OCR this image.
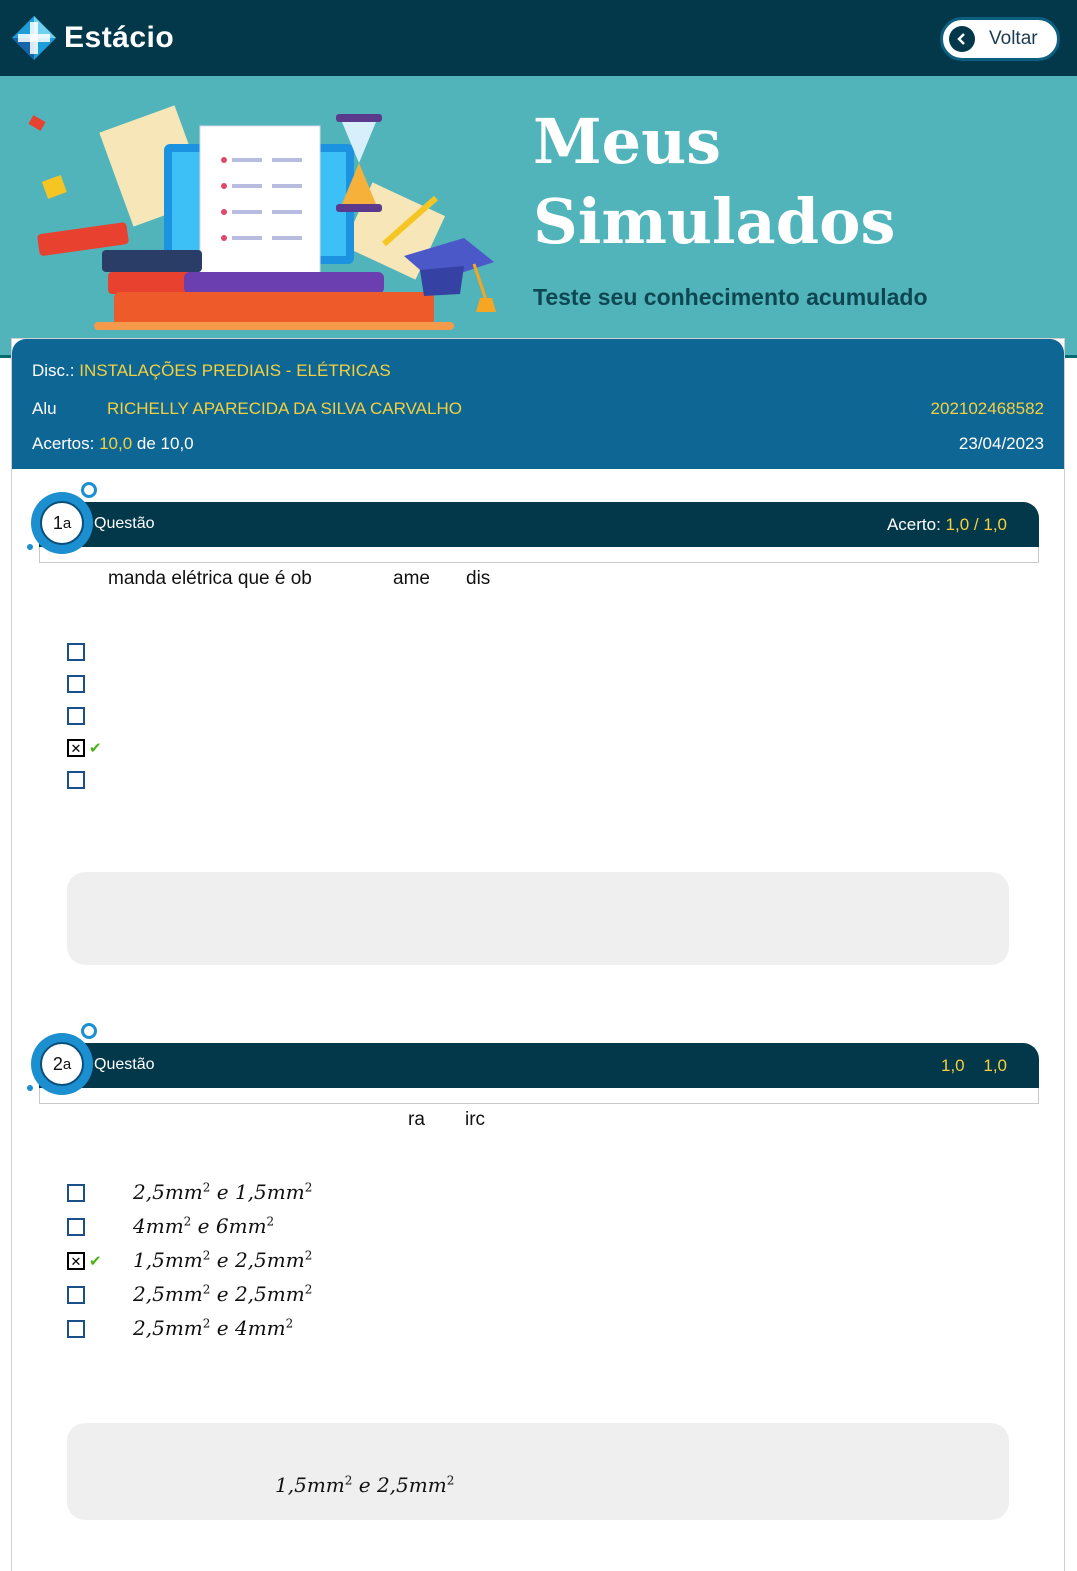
Estácio	Voltar
Meus
Simulados
Teste seu conhecimento acumulado
Disc.: INSTALAÇÕES PREDIAIS - ELÉTRICAS
Alu	RICHELLY APARECIDA DA SILVA CARVALHO	202102468582
Acertos: 10,0 de 10,0	23/04/2023
Questão	Acerto: 1,0 / 1,0
1 a
manda elétrica que é ob	ame dis
✕ ✔
Questão	1,0 1,0
2 a
ra irc
$2,5mm^2$ e $1,5mm^2$
$4mm^2$ e $6mm^2$
✕ ✔ $1,5mm^2$ e $2,5mm^2$
$2,5mm^2$ e $2,5mm^2$
$2,5mm^2$ e $4mm^2$
$1,5mm^2$ e $2,5mm^2$
